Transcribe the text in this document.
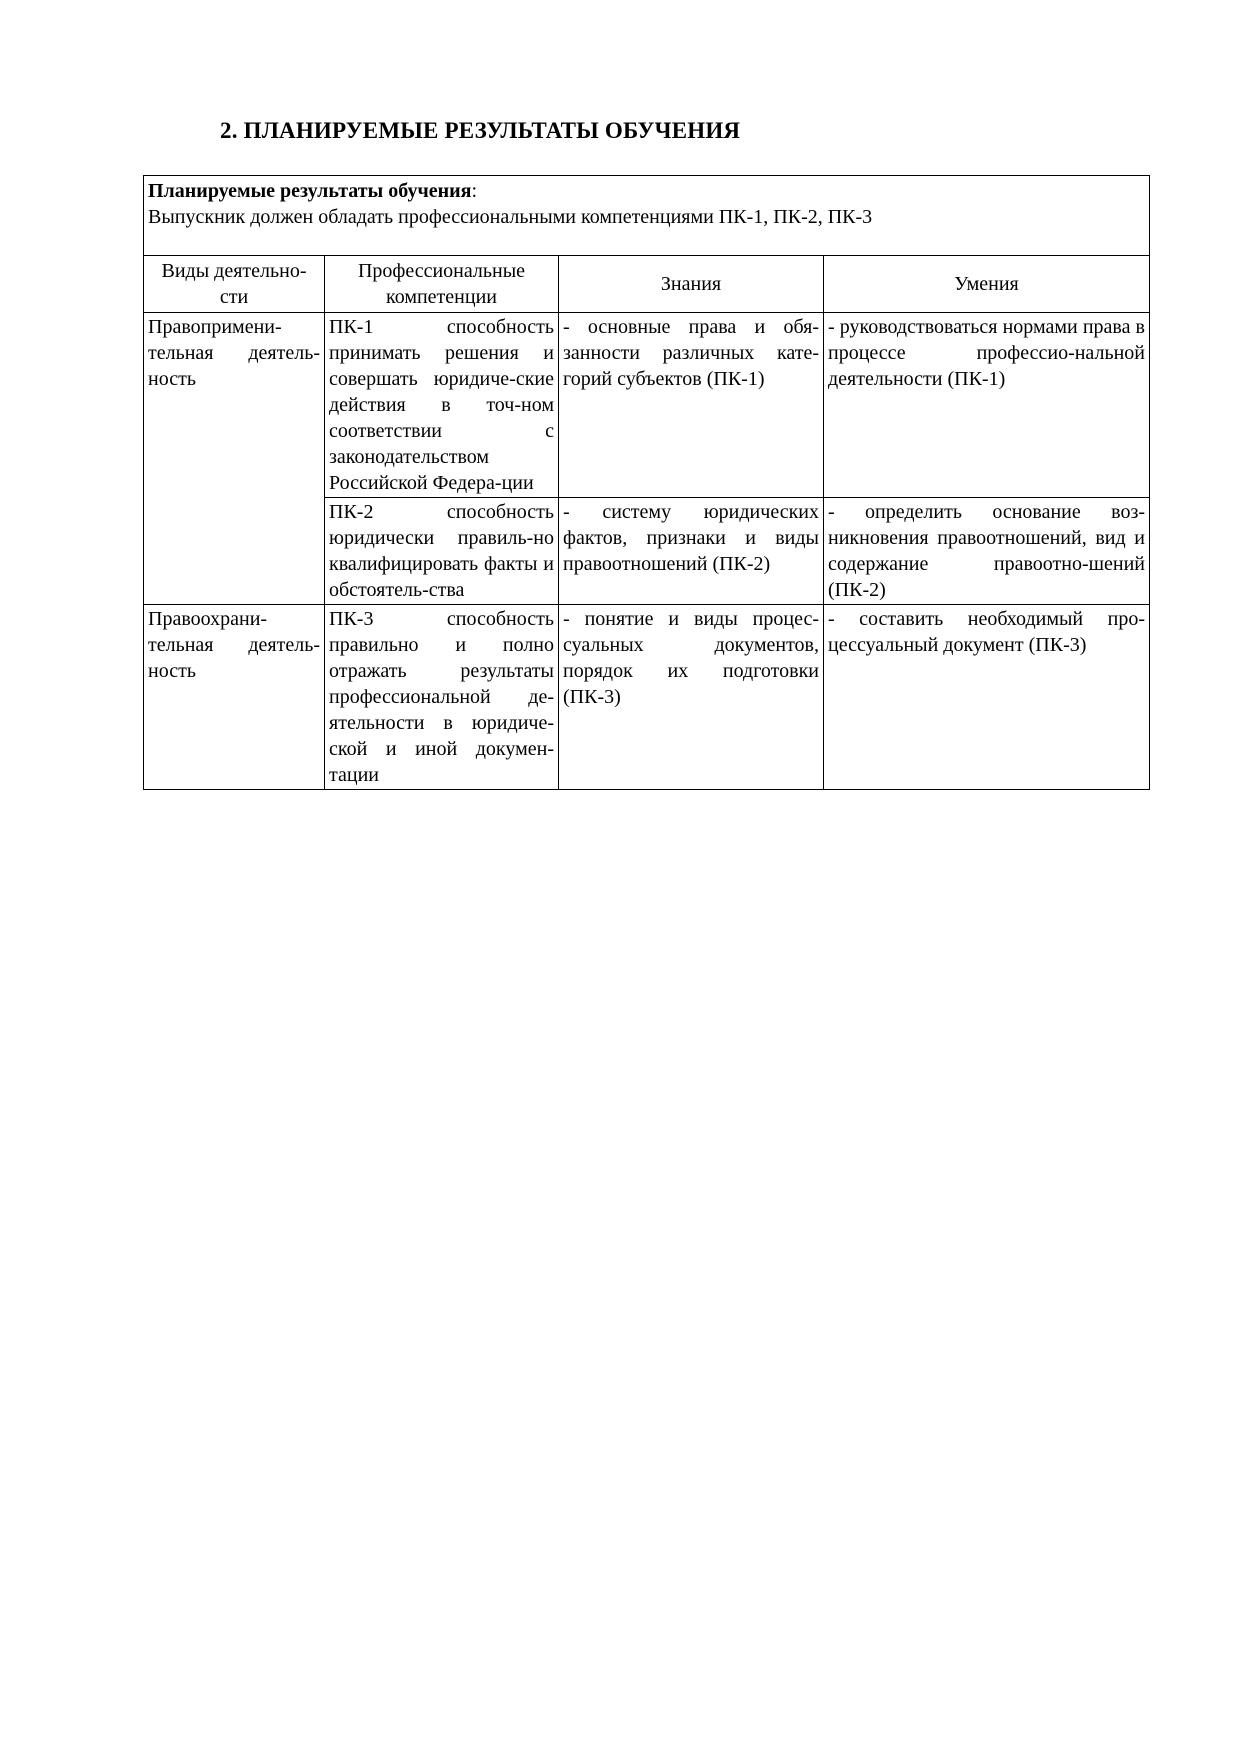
2. ПЛАНИРУЕМЫЕ РЕЗУЛЬТАТЫ ОБУЧЕНИЯ
Планируемые результаты обучения:
Выпускник должен обладать профессиональными компетенциями ПК-1, ПК-2, ПК-3			
Виды деятельно-сти	Профессиональные компетенции	Знания	Умения
Правопримени-тельная деятель-ность	ПК-1 способность принимать решения и совершать юридиче-ские действия в точ-ном соответствии с законодательством Российской Федера-ции	- основные права и обя-занности различных кате-горий субъектов (ПК-1)	- руководствоваться нормами права в процессе профессио-нальной деятельности (ПК-1)
	ПК-2 способность юридически правиль-но квалифицировать факты и обстоятель-ства	- систему юридических фактов, признаки и виды правоотношений (ПК-2)	- определить основание воз-никновения правоотношений, вид и содержание правоотно-шений (ПК-2)
Правоохрани-тельная деятель-ность	ПК-3 способность правильно и полно отражать результаты профессиональной де-ятельности в юридиче-ской и иной докумен-тации	- понятие и виды процес-суальных документов, порядок их подготовки (ПК-3)	- составить необходимый про-цессуальный документ (ПК-3)
